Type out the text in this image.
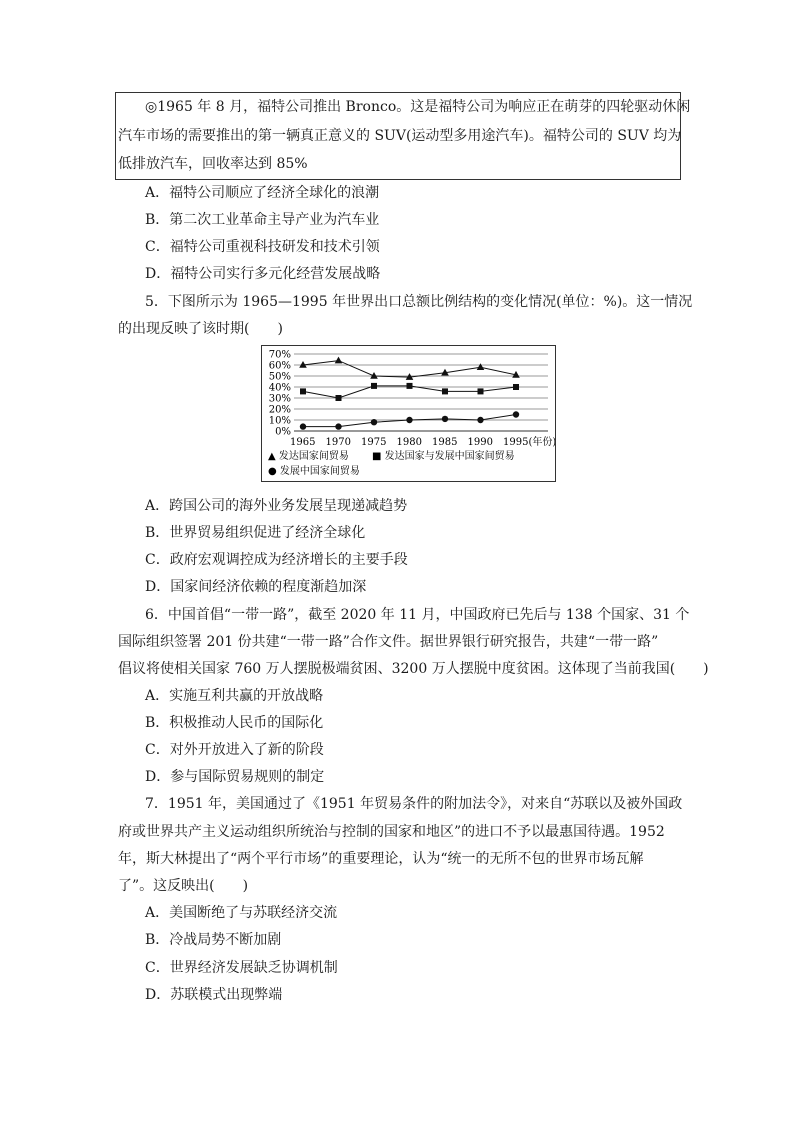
◎1965 年 8 月，福特公司推出 Bronco。这是福特公司为响应正在萌芽的四轮驱动休闲
汽车市场的需要推出的第一辆真正意义的 SUV(运动型多用途汽车)。福特公司的 SUV 均为
低排放汽车，回收率达到 85%
A．福特公司顺应了经济全球化的浪潮
B．第二次工业革命主导产业为汽车业
C．福特公司重视科技研发和技术引领
D．福特公司实行多元化经营发展战略
5．下图所示为 1965—1995 年世界出口总额比例结构的变化情况(单位：%)。这一情况
的出现反映了该时期(　　)
70%
60%
50%
40%
30%
20%
10%
0%
1965 1970 1975 1980 1985 1990 1995(年份)
▲ 发达国家间贸易 ■ 发达国家与发展中国家间贸易
● 发展中国家间贸易
A．跨国公司的海外业务发展呈现递减趋势
B．世界贸易组织促进了经济全球化
C．政府宏观调控成为经济增长的主要手段
D．国家间经济依赖的程度渐趋加深
6．中国首倡“一带一路”，截至 2020 年 11 月，中国政府已先后与 138 个国家、31 个
国际组织签署 201 份共建“一带一路”合作文件。据世界银行研究报告，共建“一带一路”
倡议将使相关国家 760 万人摆脱极端贫困、3200 万人摆脱中度贫困。这体现了当前我国(　　)
A．实施互利共赢的开放战略
B．积极推动人民币的国际化
C．对外开放进入了新的阶段
D．参与国际贸易规则的制定
7．1951 年，美国通过了《1951 年贸易条件的附加法令》，对来自“苏联以及被外国政
府或世界共产主义运动组织所统治与控制的国家和地区”的进口不予以最惠国待遇。1952
年，斯大林提出了“两个平行市场”的重要理论，认为“统一的无所不包的世界市场瓦解
了”。这反映出(　　)
A．美国断绝了与苏联经济交流
B．冷战局势不断加剧
C．世界经济发展缺乏协调机制
D．苏联模式出现弊端
